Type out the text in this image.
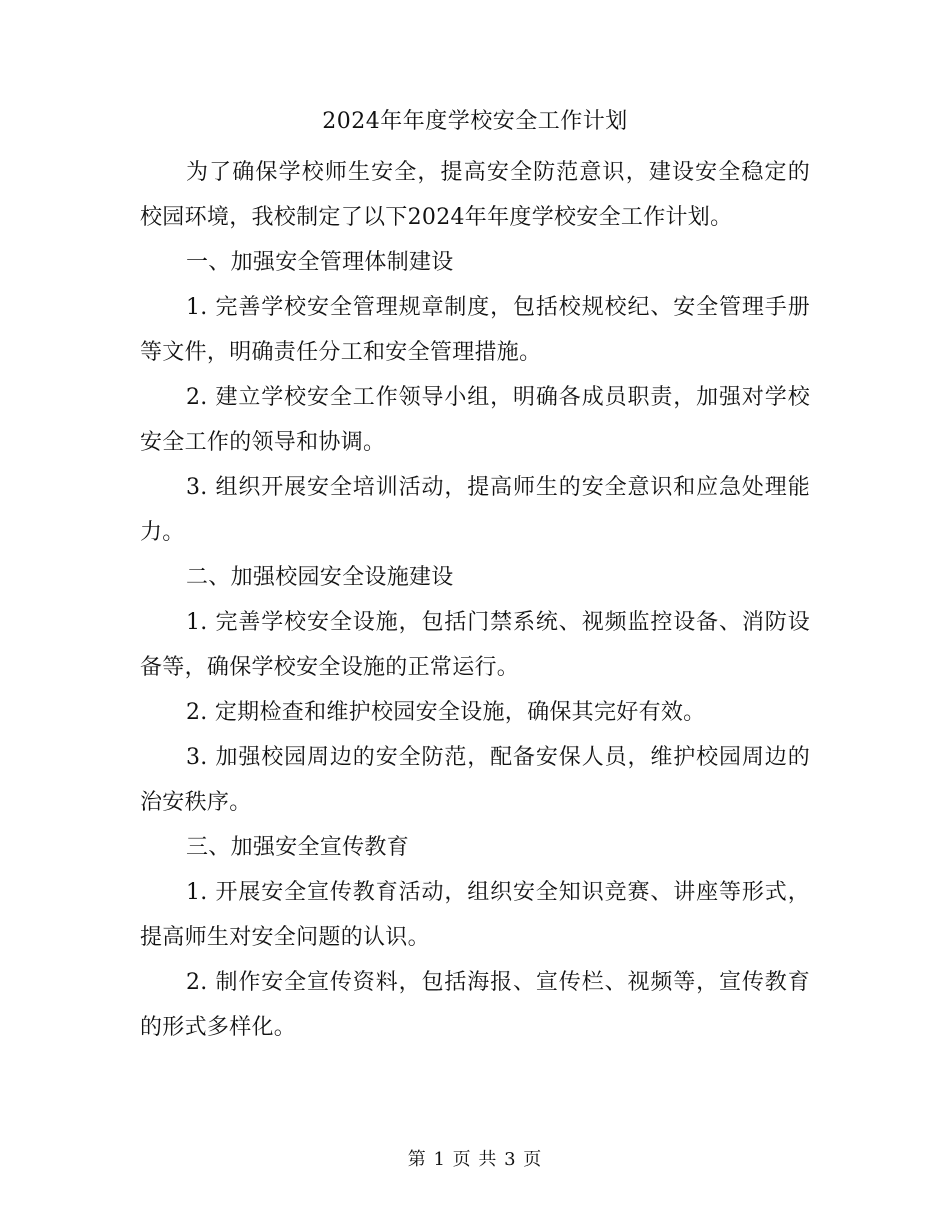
2024年年度学校安全工作计划

为了确保学校师生安全，提高安全防范意识，建设安全稳定的校园环境，我校制定了以下2024年年度学校安全工作计划。

一、加强安全管理体制建设

1. 完善学校安全管理规章制度，包括校规校纪、安全管理手册等文件，明确责任分工和安全管理措施。

2. 建立学校安全工作领导小组，明确各成员职责，加强对学校安全工作的领导和协调。

3. 组织开展安全培训活动，提高师生的安全意识和应急处理能力。

二、加强校园安全设施建设

1. 完善学校安全设施，包括门禁系统、视频监控设备、消防设备等，确保学校安全设施的正常运行。

2. 定期检查和维护校园安全设施，确保其完好有效。

3. 加强校园周边的安全防范，配备安保人员，维护校园周边的治安秩序。

三、加强安全宣传教育

1. 开展安全宣传教育活动，组织安全知识竞赛、讲座等形式，提高师生对安全问题的认识。

2. 制作安全宣传资料，包括海报、宣传栏、视频等，宣传教育的形式多样化。

第 1 页 共 3 页
